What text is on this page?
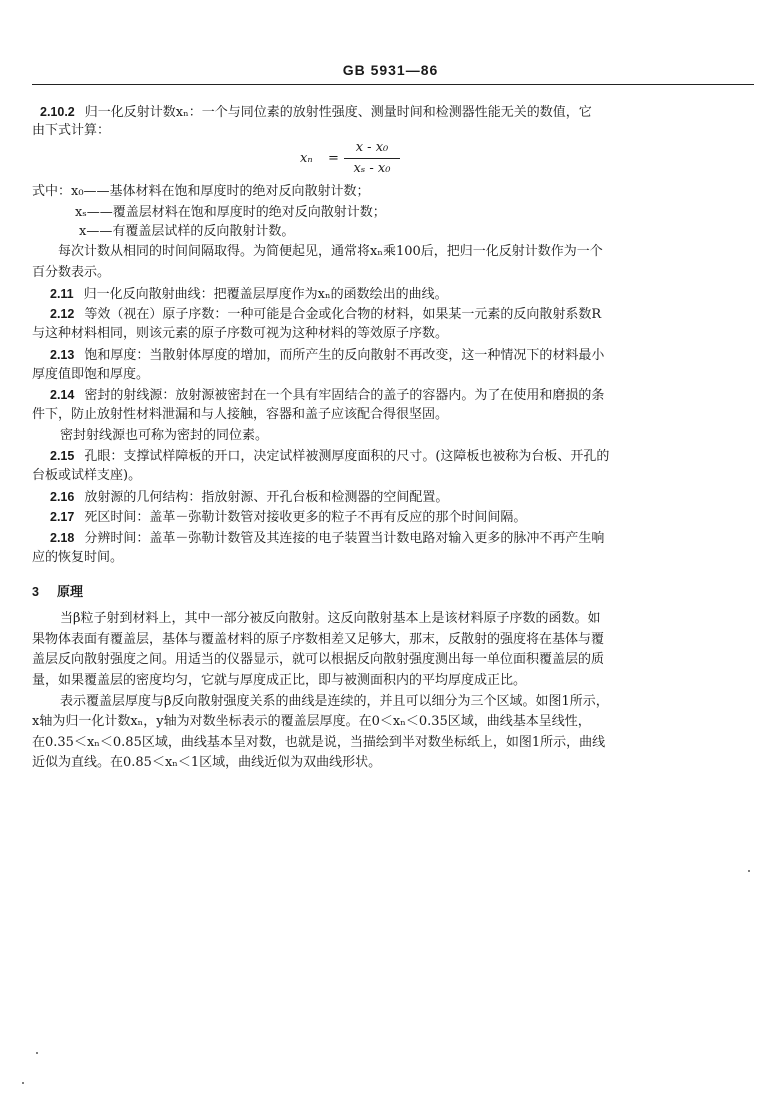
GB 5931—86
2.10.2 归一化反射计数xₙ：一个与同位素的放射性强度、测量时间和检测器性能无关的数值，它
由下式计算：
xₙ =
x - x₀
xₛ - x₀
式中：x₀——基体材料在饱和厚度时的绝对反向散射计数；
xₛ——覆盖层材料在饱和厚度时的绝对反向散射计数；
x——有覆盖层试样的反向散射计数。
每次计数从相同的时间间隔取得。为简便起见，通常将xₙ乘100后，把归一化反射计数作为一个
百分数表示。
2.11 归一化反向散射曲线：把覆盖层厚度作为xₙ的函数绘出的曲线。
2.12 等效（视在）原子序数：一种可能是合金或化合物的材料，如果某一元素的反向散射系数R
与这种材料相同，则该元素的原子序数可视为这种材料的等效原子序数。
2.13 饱和厚度：当散射体厚度的增加，而所产生的反向散射不再改变，这一种情况下的材料最小
厚度值即饱和厚度。
2.14 密封的射线源：放射源被密封在一个具有牢固结合的盖子的容器内。为了在使用和磨损的条
件下，防止放射性材料泄漏和与人接触，容器和盖子应该配合得很坚固。
密封射线源也可称为密封的同位素。
2.15 孔眼：支撑试样障板的开口，决定试样被测厚度面积的尺寸。(这障板也被称为台板、开孔的
台板或试样支座)。
2.16 放射源的几何结构：指放射源、开孔台板和检测器的空间配置。
2.17 死区时间：盖革－弥勒计数管对接收更多的粒子不再有反应的那个时间间隔。
2.18 分辨时间：盖革－弥勒计数管及其连接的电子装置当计数电路对输入更多的脉冲不再产生响
应的恢复时间。
3 原理
当β粒子射到材料上，其中一部分被反向散射。这反向散射基本上是该材料原子序数的函数。如
果物体表面有覆盖层，基体与覆盖材料的原子序数相差又足够大，那末，反散射的强度将在基体与覆
盖层反向散射强度之间。用适当的仪器显示，就可以根据反向散射强度测出每一单位面积覆盖层的质
量，如果覆盖层的密度均匀，它就与厚度成正比，即与被测面积内的平均厚度成正比。
表示覆盖层厚度与β反向散射强度关系的曲线是连续的，并且可以细分为三个区域。如图1所示，
x轴为归一化计数xₙ，y轴为对数坐标表示的覆盖层厚度。在0＜xₙ＜0.35区域，曲线基本呈线性，
在0.35＜xₙ＜0.85区域，曲线基本呈对数，也就是说，当描绘到半对数坐标纸上，如图1所示，曲线
近似为直线。在0.85＜xₙ＜1区域，曲线近似为双曲线形状。
